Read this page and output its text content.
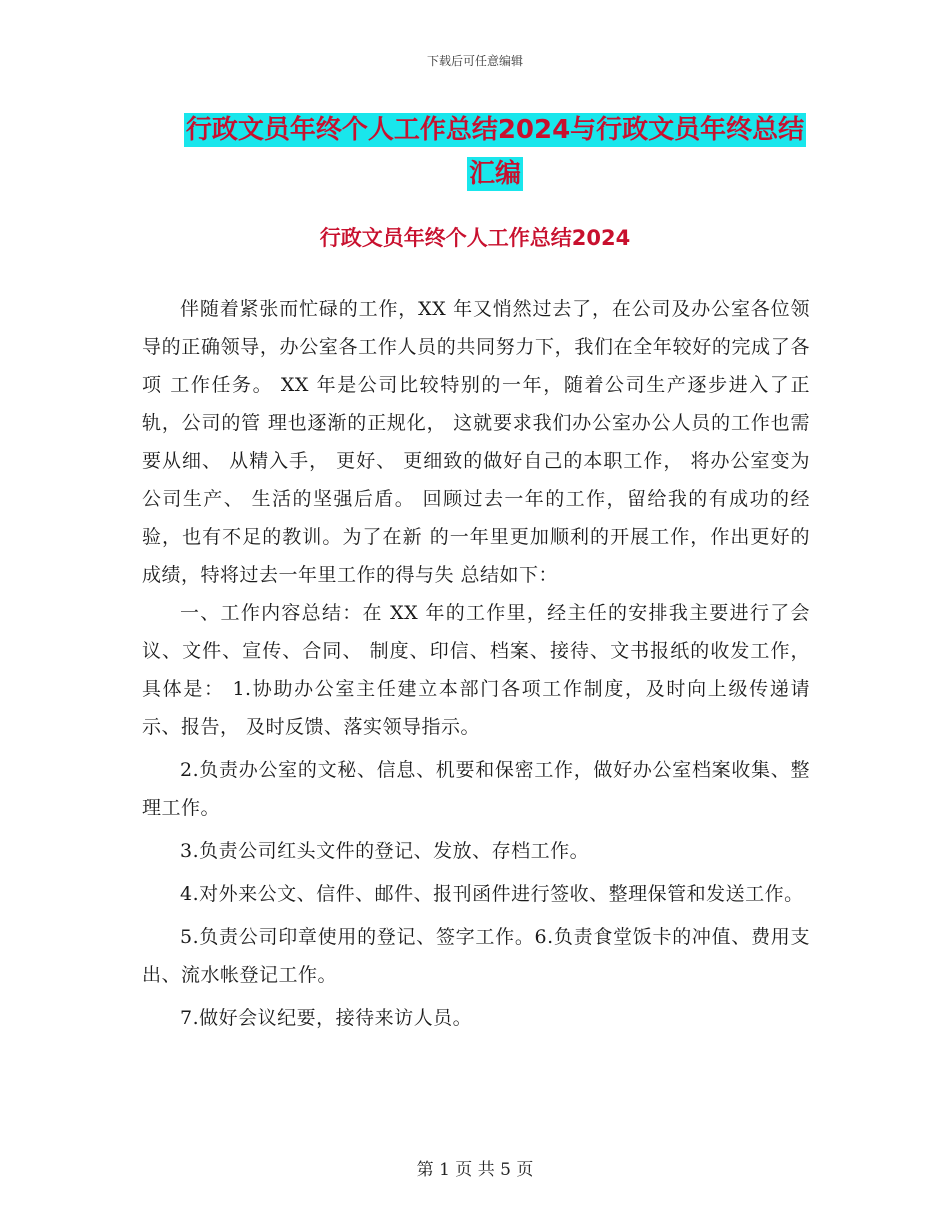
下载后可任意编辑
行政文员年终个人工作总结2024与行政文员年终总结
汇编
行政文员年终个人工作总结2024

伴随着紧张而忙碌的工作，XX 年又悄然过去了，在公司及办公室各位领 导的正确领导，办公室各工作人员的共同努力下，我们在全年较好的完成了各项 工作任务。 XX 年是公司比较特别的一年，随着公司生产逐步进入了正轨，公司的管 理也逐渐的正规化， 这就要求我们办公室办公人员的工作也需要从细、 从精入手， 更好、 更细致的做好自己的本职工作， 将办公室变为公司生产、 生活的坚强后盾。 回顾过去一年的工作，留给我的有成功的经验，也有不足的教训。为了在新 的一年里更加顺利的开展工作，作出更好的成绩，特将过去一年里工作的得与失 总结如下：

一、工作内容总结：在 XX 年的工作里，经主任的安排我主要进行了会议、文件、宣传、合同、 制度、印信、档案、接待、文书报纸的收发工作，具体是： 1.协助办公室主任建立本部门各项工作制度，及时向上级传递请示、报告， 及时反馈、落实领导指示。

2.负责办公室的文秘、信息、机要和保密工作，做好办公室档案收集、整 理工作。

3.负责公司红头文件的登记、发放、存档工作。

4.对外来公文、信件、邮件、报刊函件进行签收、整理保管和发送工作。

5.负责公司印章使用的登记、签字工作。6.负责食堂饭卡的冲值、费用支出、流水帐登记工作。

7.做好会议纪要，接待来访人员。

第 1 页 共 5 页
